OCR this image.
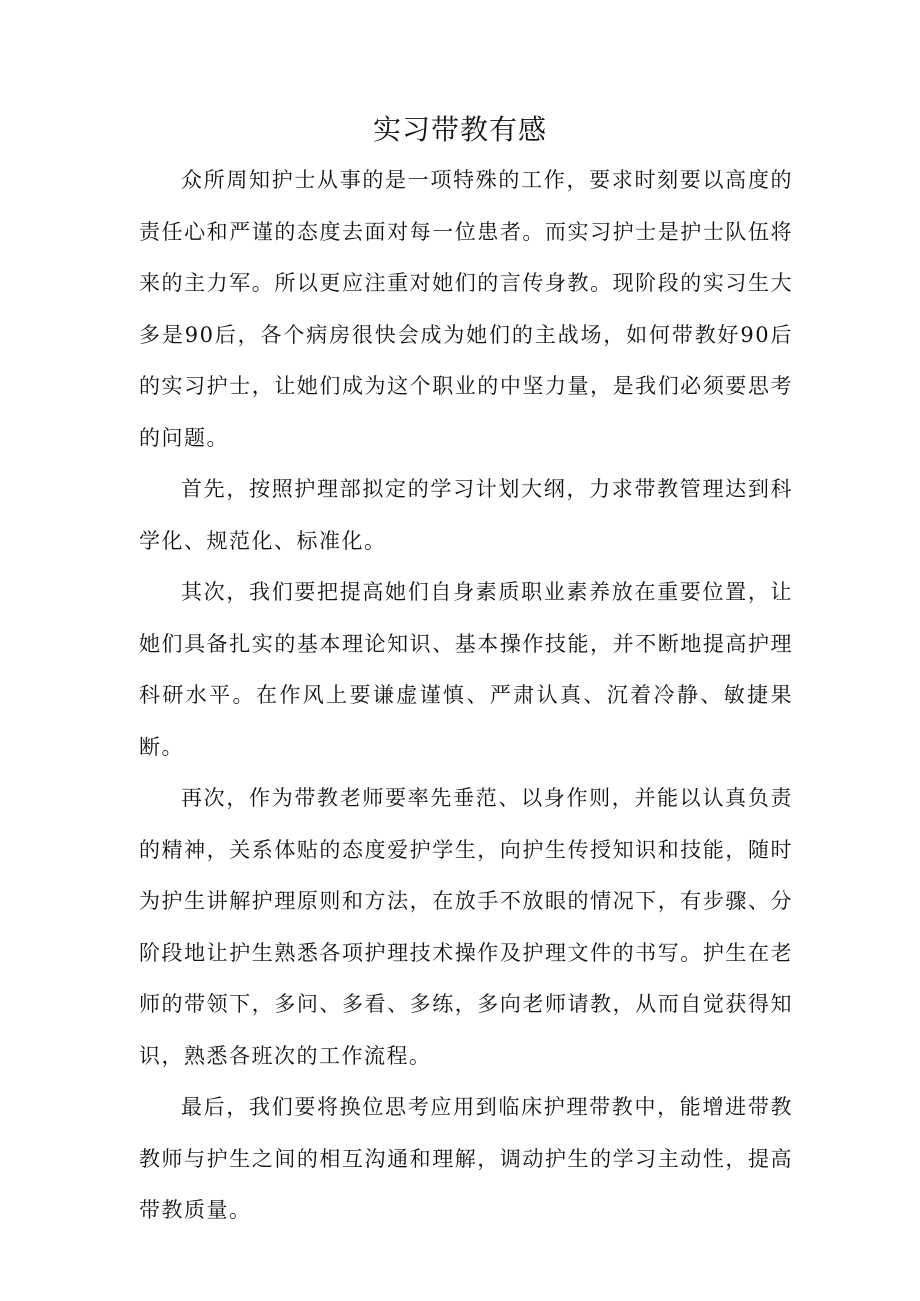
实习带教有感

众所周知护士从事的是一项特殊的工作，要求时刻要以高度的责任心和严谨的态度去面对每一位患者。而实习护士是护士队伍将来的主力军。所以更应注重对她们的言传身教。现阶段的实习生大多是90后，各个病房很快会成为她们的主战场，如何带教好90后的实习护士，让她们成为这个职业的中坚力量，是我们必须要思考的问题。

首先，按照护理部拟定的学习计划大纲，力求带教管理达到科学化、规范化、标准化。

其次，我们要把提高她们自身素质职业素养放在重要位置，让她们具备扎实的基本理论知识、基本操作技能，并不断地提高护理科研水平。在作风上要谦虚谨慎、严肃认真、沉着冷静、敏捷果断。

再次，作为带教老师要率先垂范、以身作则，并能以认真负责的精神，关系体贴的态度爱护学生，向护生传授知识和技能，随时为护生讲解护理原则和方法，在放手不放眼的情况下，有步骤、分阶段地让护生熟悉各项护理技术操作及护理文件的书写。护生在老师的带领下，多问、多看、多练，多向老师请教，从而自觉获得知识，熟悉各班次的工作流程。

最后，我们要将换位思考应用到临床护理带教中，能增进带教教师与护生之间的相互沟通和理解，调动护生的学习主动性，提高带教质量。
